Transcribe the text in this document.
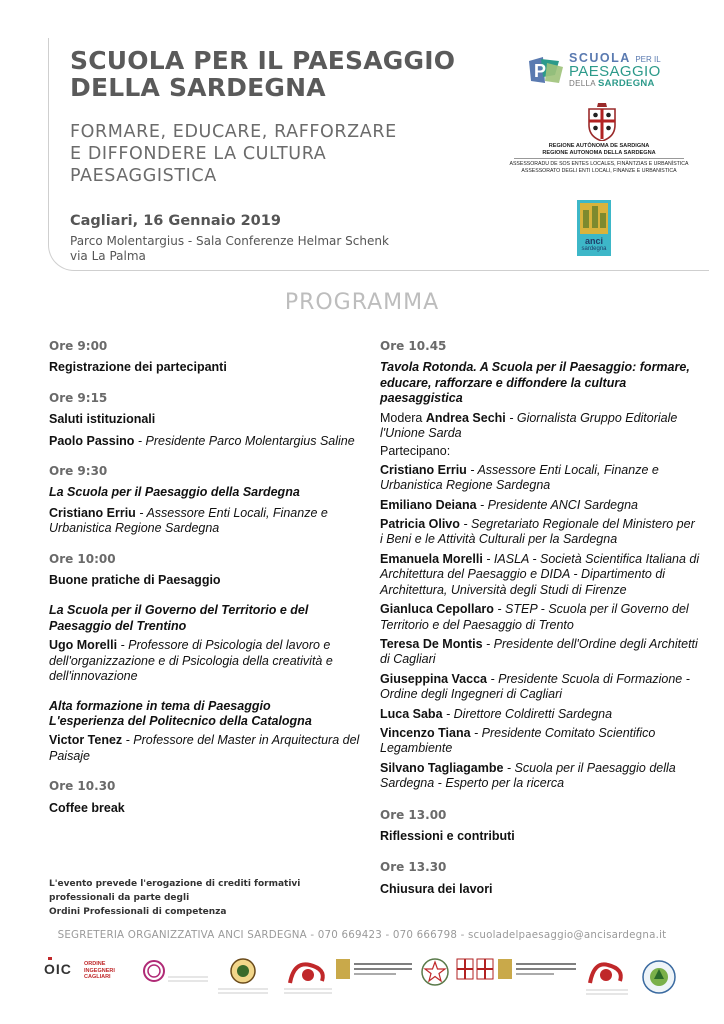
SCUOLA PER IL PAESAGGIO
DELLA SARDEGNA
FORMARE, EDUCARE, RAFFORZARE
E DIFFONDERE LA CULTURA
PAESAGGISTICA
Cagliari, 16 Gennaio 2019
Parco Molentargius - Sala Conferenze Helmar Schenk
via La Palma
P
SCUOLA PER IL
PAESAGGIO
DELLA SARDEGNA
REGIONE AUTÒNOMA DE SARDIGNA
REGIONE AUTONOMA DELLA SARDEGNA
ASSESSORADU DE SOS ENTES LOCALES, FINÀNTZIAS E URBANÌSTICA
ASSESSORATO DEGLI ENTI LOCALI, FINANZE E URBANISTICA
anci
sardegna
PROGRAMMA
Ore 9:00

Registrazione dei partecipanti

Ore 9:15

Saluti istituzionali

Paolo Passino - Presidente Parco Molentargius Saline

Ore 9:30

La Scuola per il Paesaggio della Sardegna

Cristiano Erriu - Assessore Enti Locali, Finanze e Urbanistica Regione Sardegna

Ore 10:00

Buone pratiche di Paesaggio

La Scuola per il Governo del Territorio e del Paesaggio del Trentino

Ugo Morelli - Professore di Psicologia del lavoro e dell'organizzazione e di Psicologia della creatività e dell'innovazione

Alta formazione in tema di Paesaggio

L'esperienza del Politecnico della Catalogna

Victor Tenez - Professore del Master in Arquitectura del Paisaje

Ore 10.30

Coffee break

Ore 10.45

Tavola Rotonda. A Scuola per il Paesaggio: formare, educare, rafforzare e diffondere la cultura paesaggistica

Modera Andrea Sechi - Giornalista Gruppo Editoriale l'Unione Sarda

Partecipano:

Cristiano Erriu - Assessore Enti Locali, Finanze e Urbanistica Regione Sardegna

Emiliano Deiana - Presidente ANCI Sardegna

Patricia Olivo - Segretariato Regionale del Ministero per i Beni e le Attività Culturali per la Sardegna

Emanuela Morelli - IASLA - Società Scientifica Italiana di Architettura del Paesaggio e DIDA - Dipartimento di Architettura, Università degli Studi di Firenze

Gianluca Cepollaro - STEP - Scuola per il Governo del Territorio e del Paesaggio di Trento

Teresa De Montis - Presidente dell'Ordine degli Architetti di Cagliari

Giuseppina Vacca - Presidente Scuola di Formazione - Ordine degli Ingegneri di Cagliari

Luca Saba - Direttore Coldiretti Sardegna

Vincenzo Tiana - Presidente Comitato Scientifico Legambiente

Silvano Tagliagambe - Scuola per il Paesaggio della Sardegna - Esperto per la ricerca

Ore 13.00

Riflessioni e contributi

Ore 13.30

Chiusura dei lavori

L'evento prevede l'erogazione di crediti formativi professionali da parte degli
Ordini Professionali di competenza
SEGRETERIA ORGANIZZATIVA ANCI SARDEGNA - 070 669423 - 070 666798 - scuoladelpaesaggio@ancisardegna.it
OIC	ORDINE
INGEGNERI
CAGLIARI
